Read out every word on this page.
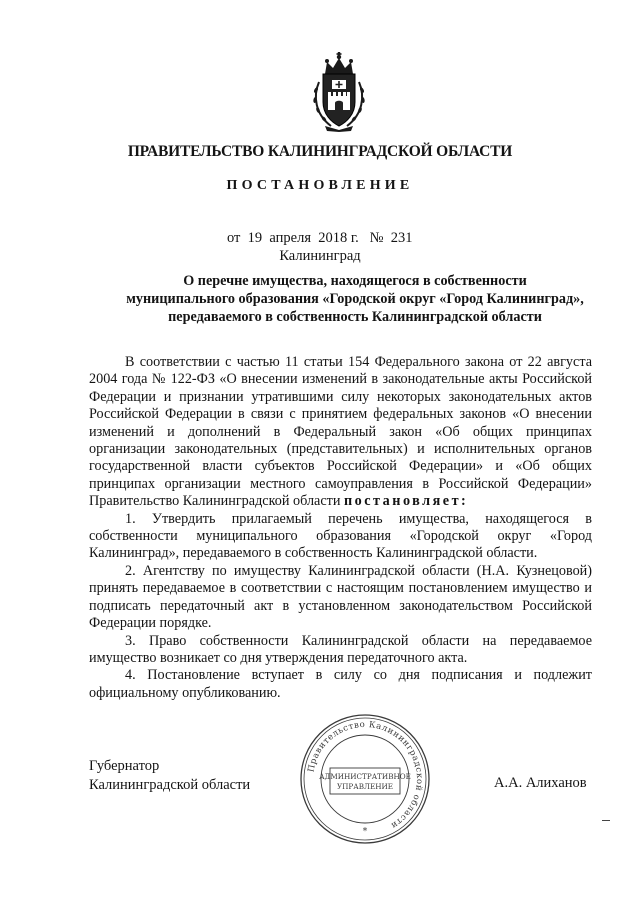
ПРАВИТЕЛЬСТВО КАЛИНИНГРАДСКОЙ ОБЛАСТИ
ПОСТАНОВЛЕНИЕ
от  19  апреля  2018 г.   №  231
Калининград
О перечне имущества, находящегося в собственности
муниципального образования «Городской округ «Город Калининград»,
передаваемого в собственность Калининградской области

В соответствии с частью 11 статьи 154 Федерального закона от 22 августа 2004 года № 122-ФЗ «О внесении изменений в законодательные акты Российской Федерации и признании утратившими силу некоторых законодательных актов Российской Федерации в связи с принятием федеральных законов «О внесении изменений и дополнений в Федеральный закон «Об общих принципах организации законодательных (представительных) и исполнительных органов государственной власти субъектов Российской Федерации» и «Об общих принципах организации местного самоуправления в Российской Федерации» Правительство Калининградской области постановляет:

1. Утвердить прилагаемый перечень имущества, находящегося в собственности муниципального образования «Городской округ «Город Калининград», передаваемого в собственность Калининградской области.

2. Агентству по имуществу Калининградской области (Н.А. Кузнецовой) принять передаваемое в соответствии с настоящим постановлением имущество и подписать передаточный акт в установленном законодательством Российской Федерации порядке.

3. Право собственности Калининградской области на передаваемое имущество возникает со дня утверждения передаточного акта.

4. Постановление вступает в силу со дня подписания и подлежит официальному опубликованию.

Губернатор
Калининградской области	А.А. Алиханов
Правительство Калининградской области
АДМИНИСТРАТИВНОЕ
УПРАВЛЕНИЕ
*
